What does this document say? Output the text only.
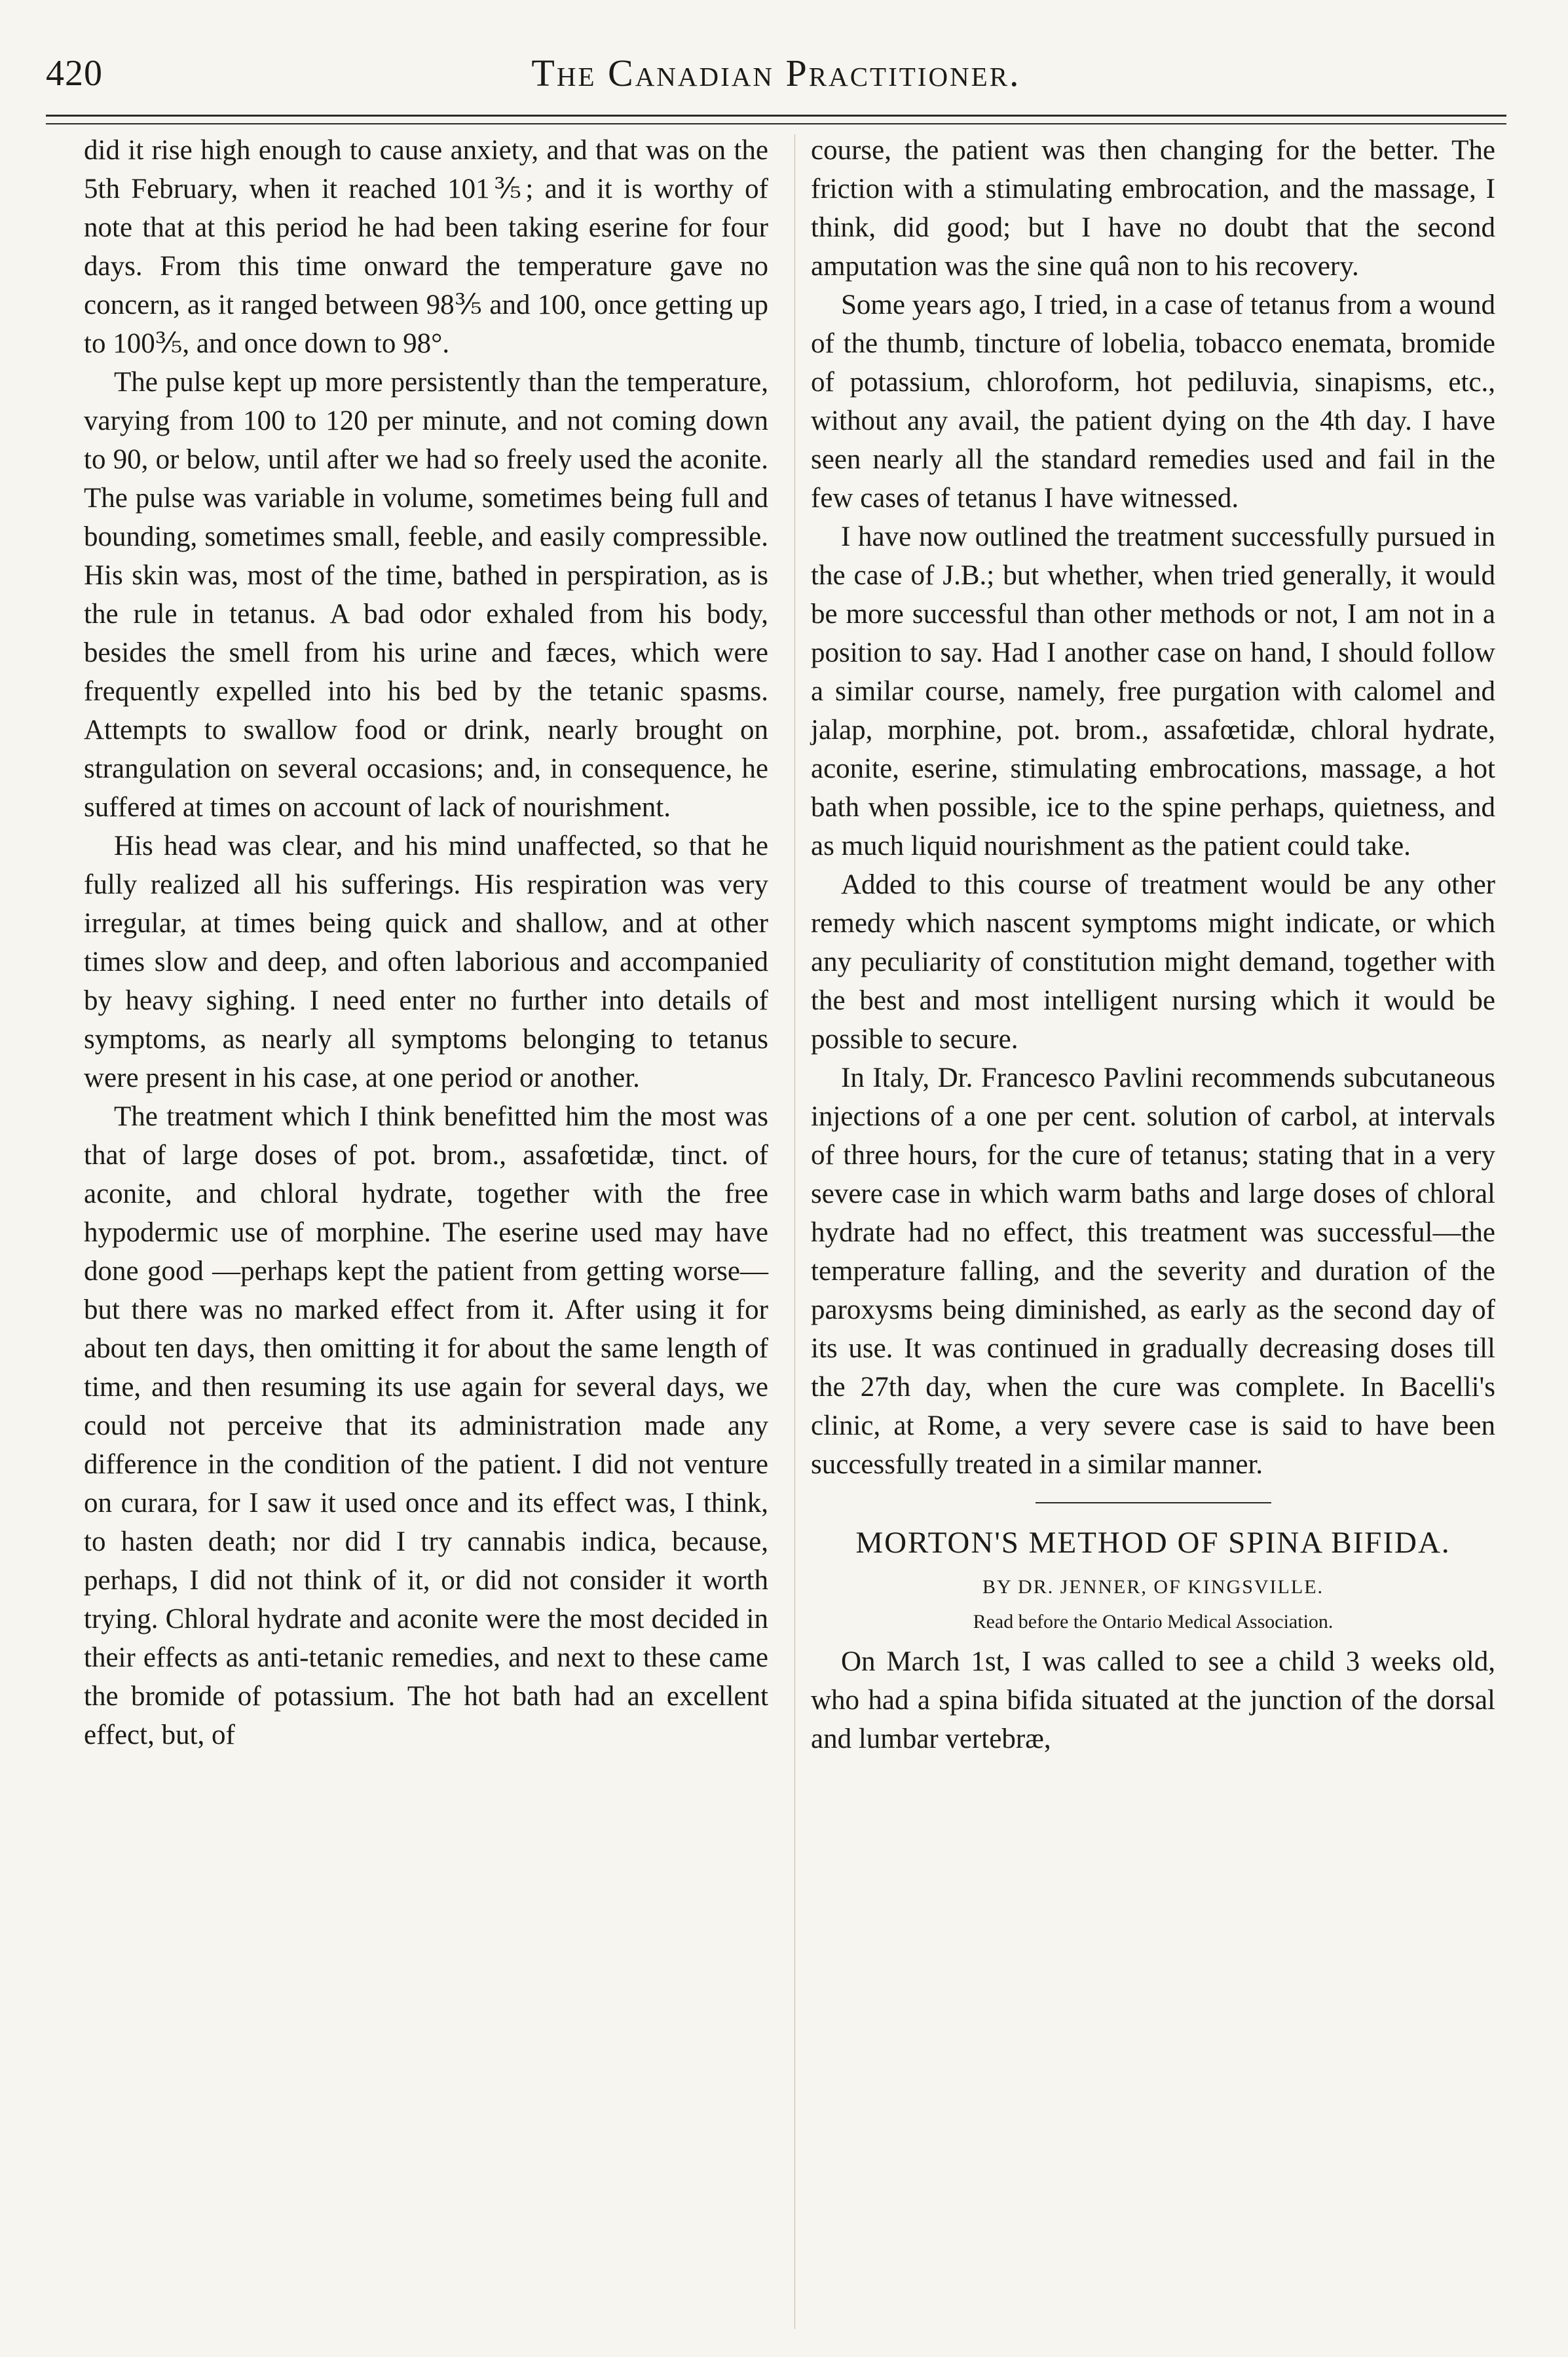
420	The Canadian Practitioner.

did it rise high enough to cause anxiety, and that was on the 5th February, when it reached 101⅗; and it is worthy of note that at this period he had been taking eserine for four days. From this time onward the temperature gave no concern, as it ranged between 98⅗ and 100, once getting up to 100⅗, and once down to 98°.

The pulse kept up more persistently than the temperature, varying from 100 to 120 per minute, and not coming down to 90, or below, until after we had so freely used the aconite. The pulse was variable in volume, sometimes being full and bounding, sometimes small, feeble, and easily compressible. His skin was, most of the time, bathed in perspiration, as is the rule in tetanus. A bad odor exhaled from his body, besides the smell from his urine and fæces, which were frequently expelled into his bed by the tetanic spasms. Attempts to swallow food or drink, nearly brought on strangulation on several occasions; and, in consequence, he suffered at times on account of lack of nourishment.

His head was clear, and his mind unaffected, so that he fully realized all his sufferings. His respiration was very irregular, at times being quick and shallow, and at other times slow and deep, and often laborious and accompanied by heavy sighing. I need enter no further into details of symptoms, as nearly all symptoms belonging to tetanus were present in his case, at one period or another.

The treatment which I think benefitted him the most was that of large doses of pot. brom., assafœtidæ, tinct. of aconite, and chloral hydrate, together with the free hypodermic use of morphine. The eserine used may have done good —perhaps kept the patient from getting worse— but there was no marked effect from it. After using it for about ten days, then omitting it for about the same length of time, and then resuming its use again for several days, we could not perceive that its administration made any difference in the condition of the patient. I did not venture on curara, for I saw it used once and its effect was, I think, to hasten death; nor did I try cannabis indica, because, perhaps, I did not think of it, or did not consider it worth trying. Chloral hydrate and aconite were the most decided in their effects as anti-tetanic remedies, and next to these came the bromide of potassium. The hot bath had an excellent effect, but, of

course, the patient was then changing for the better. The friction with a stimulating embrocation, and the massage, I think, did good; but I have no doubt that the second amputation was the sine quâ non to his recovery.

Some years ago, I tried, in a case of tetanus from a wound of the thumb, tincture of lobelia, tobacco enemata, bromide of potassium, chloroform, hot pediluvia, sinapisms, etc., without any avail, the patient dying on the 4th day. I have seen nearly all the standard remedies used and fail in the few cases of tetanus I have witnessed.

I have now outlined the treatment successfully pursued in the case of J.B.; but whether, when tried generally, it would be more successful than other methods or not, I am not in a position to say. Had I another case on hand, I should follow a similar course, namely, free purgation with calomel and jalap, morphine, pot. brom., assafœtidæ, chloral hydrate, aconite, eserine, stimulating embrocations, massage, a hot bath when possible, ice to the spine perhaps, quietness, and as much liquid nourishment as the patient could take.

Added to this course of treatment would be any other remedy which nascent symptoms might indicate, or which any peculiarity of constitution might demand, together with the best and most intelligent nursing which it would be possible to secure.

In Italy, Dr. Francesco Pavlini recommends subcutaneous injections of a one per cent. solution of carbol, at intervals of three hours, for the cure of tetanus; stating that in a very severe case in which warm baths and large doses of chloral hydrate had no effect, this treatment was successful—the temperature falling, and the severity and duration of the paroxysms being diminished, as early as the second day of its use. It was continued in gradually decreasing doses till the 27th day, when the cure was complete. In Bacelli's clinic, at Rome, a very severe case is said to have been successfully treated in a similar manner.

MORTON'S METHOD OF SPINA BIFIDA.
BY DR. JENNER, OF KINGSVILLE.
Read before the Ontario Medical Association.

On March 1st, I was called to see a child 3 weeks old, who had a spina bifida situated at the junction of the dorsal and lumbar vertebræ,
